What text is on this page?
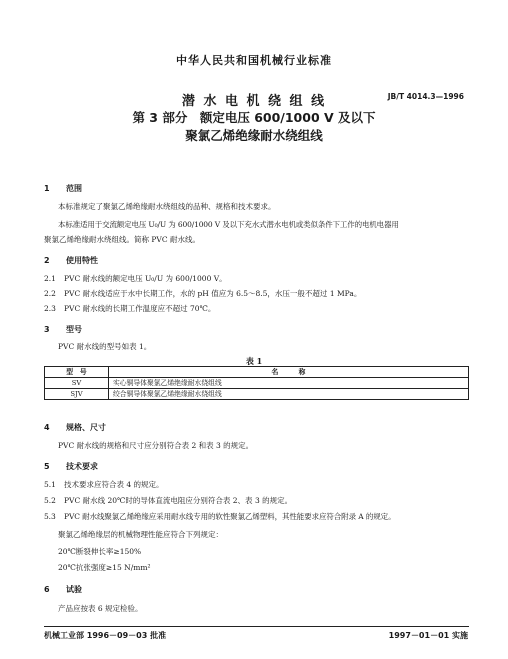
中华人民共和国机械行业标准
潜 水 电 机 绕 组 线
第 3 部分　额定电压 600/1000 V 及以下
聚氯乙烯绝缘耐水绕组线
JB/T 4014.3—1996
1 范围
本标准规定了聚氯乙烯绝缘耐水绕组线的品种、规格和技术要求。
本标准适用于交流额定电压 U₀/U 为 600/1000 V 及以下充水式潜水电机或类似条件下工作的电机电器用
聚氯乙烯绝缘耐水绕组线。简称 PVC 耐水线。
2 使用特性
2.1 PVC 耐水线的额定电压 U₀/U 为 600/1000 V。
2.2 PVC 耐水线适应于水中长期工作，水的 pH 值应为 6.5～8.5，水压一般不超过 1 MPa。
2.3 PVC 耐水线的长期工作温度应不超过 70℃。
3 型号
PVC 耐水线的型号如表 1。
表 1
型　号	名　　　称
SV	实心铜导体聚氯乙烯绝缘耐水绕组线
SJV	绞合铜导体聚氯乙烯绝缘耐水绕组线
4 规格、尺寸
PVC 耐水线的规格和尺寸应分别符合表 2 和表 3 的规定。
5 技术要求
5.1 技术要求应符合表 4 的规定。
5.2 PVC 耐水线 20℃时的导体直流电阻应分别符合表 2、表 3 的规定。
5.3 PVC 耐水线聚氯乙烯绝缘应采用耐水线专用的软性聚氯乙烯塑料，其性能要求应符合附录 A 的规定。
聚氯乙烯绝缘层的机械物理性能应符合下列规定：
20℃断裂伸长率≥150%
20℃抗张强度≥15 N/mm²
6 试验
产品应按表 6 规定检验。
机械工业部 1996－09－03 批准	1997－01－01 实施
